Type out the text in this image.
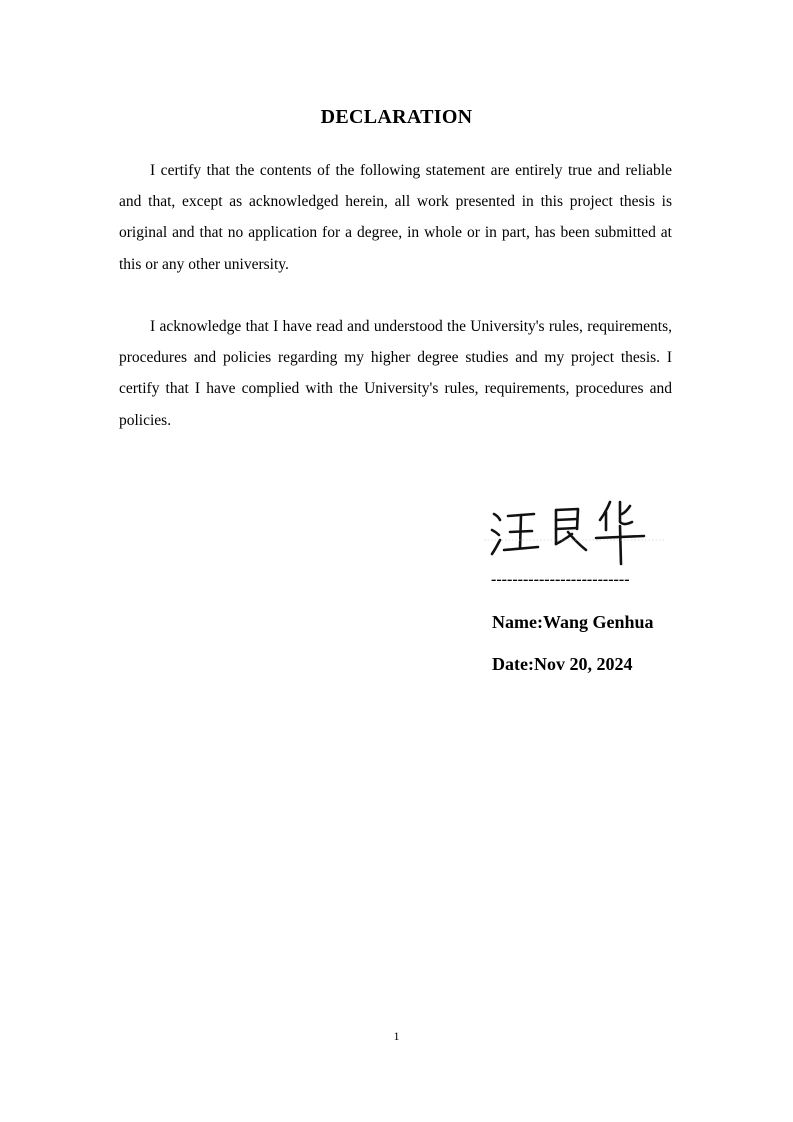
DECLARATION

I certify that the contents of the following statement are entirely true and reliable and that, except as acknowledged herein, all work presented in this project thesis is original and that no application for a degree, in whole or in part, has been submitted at this or any other university.

I acknowledge that I have read and understood the University's rules, requirements, procedures and policies regarding my higher degree studies and my project thesis. I certify that I have complied with the University's rules, requirements, procedures and policies.

--------------------------
Name:Wang Genhua
Date:Nov 20, 2024
1
